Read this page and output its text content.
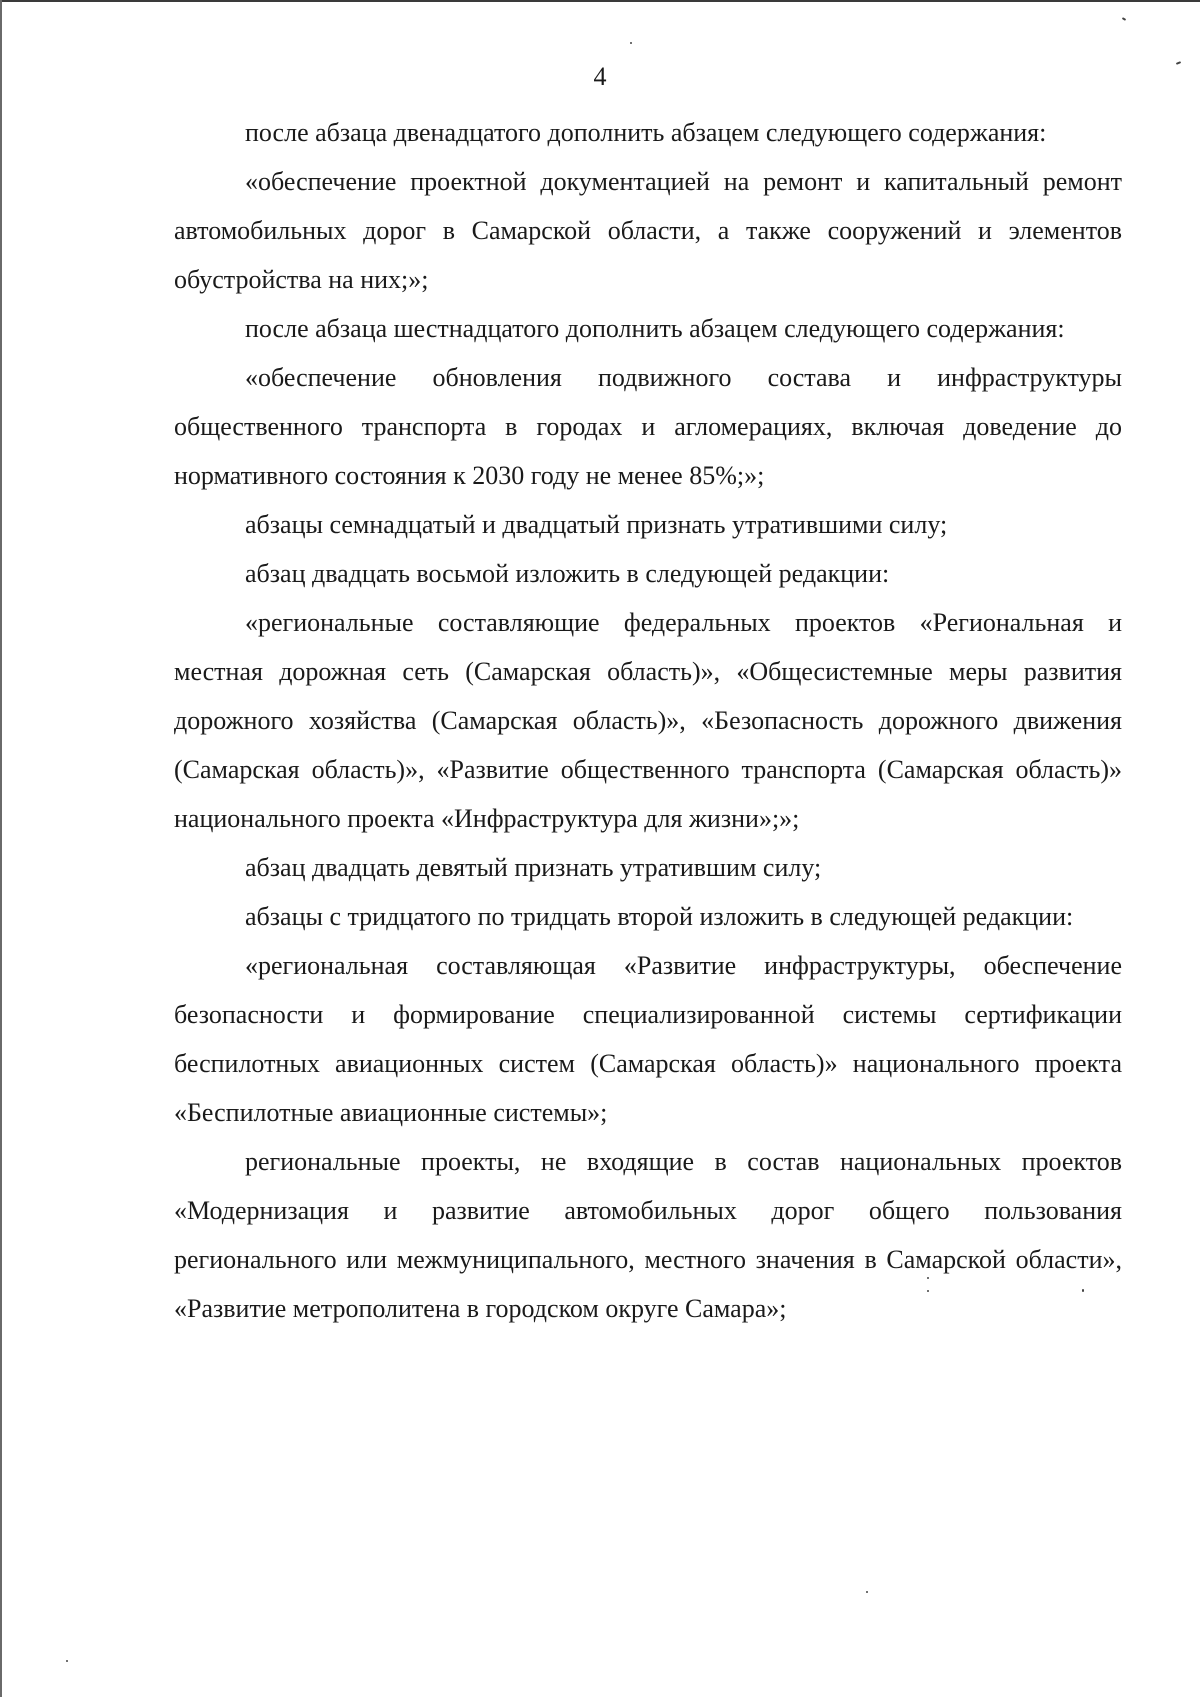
4

после абзаца двенадцатого дополнить абзацем следующего содержания:

«обеспечение проектной документацией на ремонт и капитальный ремонт автомобильных дорог в Самарской области, а также сооружений и элементов обустройства на них;»;

после абзаца шестнадцатого дополнить абзацем следующего содержания:

«обеспечение обновления подвижного состава и инфраструктуры общественного транспорта в городах и агломерациях, включая доведение до нормативного состояния к 2030 году не менее 85%;»;

абзацы семнадцатый и двадцатый признать утратившими силу;

абзац двадцать восьмой изложить в следующей редакции:

«региональные составляющие федеральных проектов «Региональная и местная дорожная сеть (Самарская область)», «Общесистемные меры развития дорожного хозяйства (Самарская область)», «Безопасность дорожного движения (Самарская область)», «Развитие общественного транспорта (Самарская область)» национального проекта «Инфраструктура для жизни»;»;

абзац двадцать девятый признать утратившим силу;

абзацы с тридцатого по тридцать второй изложить в следующей редакции:

«региональная составляющая «Развитие инфраструктуры, обеспечение безопасности и формирование специализированной системы сертификации беспилотных авиационных систем (Самарская область)» национального проекта «Беспилотные авиационные системы»;

региональные проекты, не входящие в состав национальных проектов «Модернизация и развитие автомобильных дорог общего пользования регионального или межмуниципального, местного значения в Самарской области», «Развитие метрополитена в городском округе Самара»;
